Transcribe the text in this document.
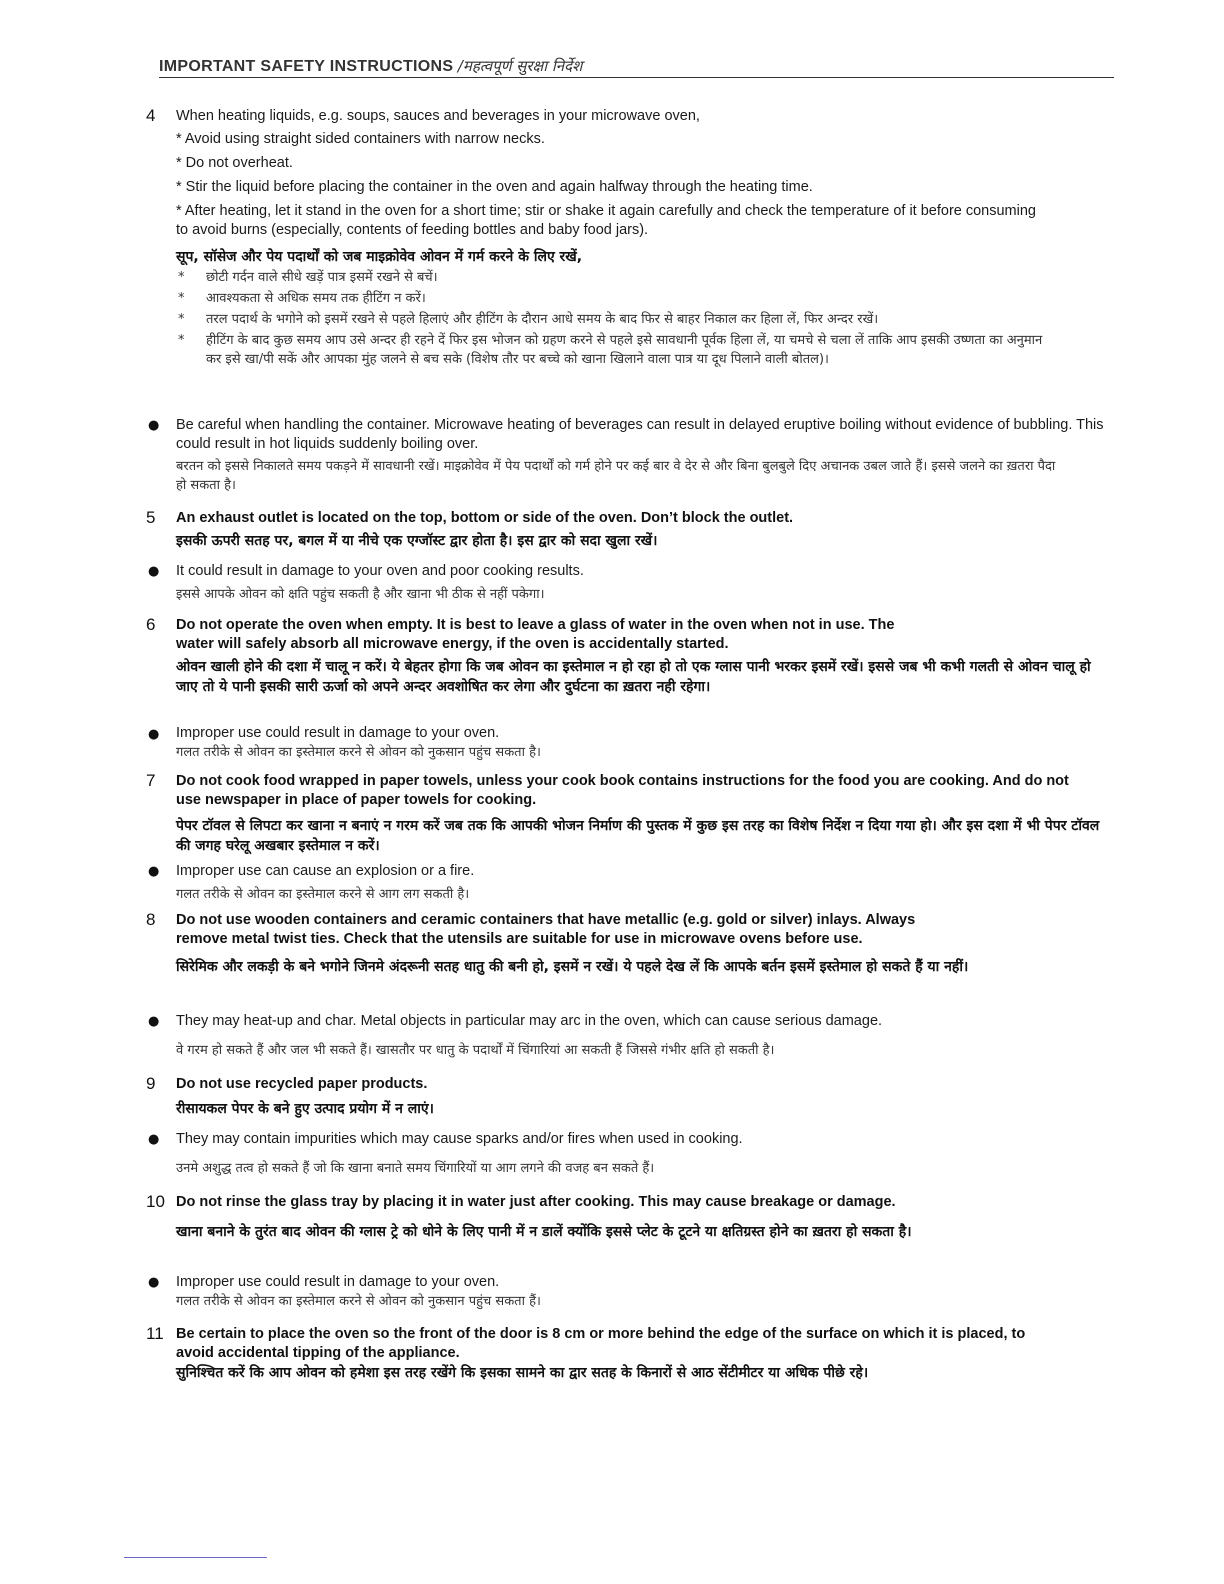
IMPORTANT SAFETY INSTRUCTIONS /महत्वपूर्ण सुरक्षा निर्देश
4 When heating liquids, e.g. soups, sauces and beverages in your microwave oven,
* Avoid using straight sided containers with narrow necks.
* Do not overheat.
* Stir the liquid before placing the container in the oven and again halfway through the heating time.
* After heating, let it stand in the oven for a short time; stir or shake it again carefully and check the temperature of it before consuming to avoid burns (especially, contents of feeding bottles and baby food jars).
सूप, सॉसेज और पेय पदार्थों को जब माइक्रोवेव ओवन में गर्म करने के लिए रखें,
* छोटी गर्दन वाले सीधे खड़ें पात्र इसमें रखने से बचें।
* आवश्यकता से अधिक समय तक हीटिंग न करें।
* तरल पदार्थ के भगोने को इसमें रखने से पहले हिलाएं और हीटिंग के दौरान आधे समय के बाद फिर से बाहर निकाल कर हिला लें, फिर अन्दर रखें।
* हीटिंग के बाद कुछ समय आप उसे अन्दर ही रहने दें फिर इस भोजन को ग्रहण करने से पहले इसे सावधानी पूर्वक हिला लें, या चमचे से चला लें ताकि आप इसकी उष्णता का अनुमान कर इसे खा/पी सकें और आपका मुंह जलने से बच सके (विशेष तौर पर बच्चे को खाना खिलाने वाला पात्र या दूध पिलाने वाली बोतल)।
● Be careful when handling the container. Microwave heating of beverages can result in delayed eruptive boiling without evidence of bubbling. This could result in hot liquids suddenly boiling over.
बरतन को इससे निकालते समय पकड़ने में सावधानी रखें। माइक्रोवेव में पेय पदार्थों को गर्म होने पर कई बार वे देर से और बिना बुलबुले दिए अचानक उबल जाते हैं। इससे जलने का ख़तरा पैदा हो सकता है।
5 An exhaust outlet is located on the top, bottom or side of the oven. Don’t block the outlet.
इसकी ऊपरी सतह पर, बगल में या नीचे एक एग्जॉस्ट द्वार होता है। इस द्वार को सदा खुला रखें।
● It could result in damage to your oven and poor cooking results.
इससे आपके ओवन को क्षति पहुंच सकती है और खाना भी ठीक से नहीं पकेगा।
6 Do not operate the oven when empty. It is best to leave a glass of water in the oven when not in use. The water will safely absorb all microwave energy, if the oven is accidentally started.
ओवन खाली होने की दशा में चालू न करें। ये बेहतर होगा कि जब ओवन का इस्तेमाल न हो रहा हो तो एक ग्लास पानी भरकर इसमें रखें। इससे जब भी कभी गलती से ओवन चालू हो जाए तो ये पानी इसकी सारी ऊर्जा को अपने अन्दर अवशोषित कर लेगा और दुर्घटना का ख़तरा नही रहेगा।
● Improper use could result in damage to your oven.
गलत तरीके से ओवन का इस्तेमाल करने से ओवन को नुकसान पहुंच सकता है।
7 Do not cook food wrapped in paper towels, unless your cook book contains instructions for the food you are cooking. And do not use newspaper in place of paper towels for cooking.
पेपर टॉवल से लिपटा कर खाना न बनाएं न गरम करें जब तक कि आपकी भोजन निर्माण की पुस्तक में कुछ इस तरह का विशेष निर्देश न दिया गया हो। और इस दशा में भी पेपर टॉवल की जगह घरेलू अखबार इस्तेमाल न करें।
● Improper use can cause an explosion or a fire.
गलत तरीके से ओवन का इस्तेमाल करने से आग लग सकती है।
8 Do not use wooden containers and ceramic containers that have metallic (e.g. gold or silver) inlays. Always remove metal twist ties. Check that the utensils are suitable for use in microwave ovens before use.
सिरेमिक और लकड़ी के बने भगोने जिनमे अंदरूनी सतह धातु की बनी हो, इसमें न रखें। ये पहले देख लें कि आपके बर्तन इसमें इस्तेमाल हो सकते हैं या नहीं।
● They may heat-up and char. Metal objects in particular may arc in the oven, which can cause serious damage.
वे गरम हो सकते हैं और जल भी सकते हैं। खासतौर पर धातु के पदार्थों में चिंगारियां आ सकती हैं जिससे गंभीर क्षति हो सकती है।
9 Do not use recycled paper products.
रीसायकल पेपर के बने हुए उत्पाद प्रयोग में न लाएं।
● They may contain impurities which may cause sparks and/or fires when used in cooking.
उनमे अशुद्ध तत्व हो सकते हैं जो कि खाना बनाते समय चिंगारियों या आग लगने की वजह बन सकते हैं।
10 Do not rinse the glass tray by placing it in water just after cooking. This may cause breakage or damage.
खाना बनाने के तुरंत बाद ओवन की ग्लास ट्रे को धोने के लिए पानी में न डालें क्योंकि इससे प्लेट के टूटने या क्षतिग्रस्त होने का ख़तरा हो सकता है।
● Improper use could result in damage to your oven.
गलत तरीके से ओवन का इस्तेमाल करने से ओवन को नुकसान पहुंच सकता हैं।
11 Be certain to place the oven so the front of the door is 8 cm or more behind the edge of the surface on which it is placed, to avoid accidental tipping of the appliance.
सुनिश्चित करें कि आप ओवन को हमेशा इस तरह रखेंगे कि इसका सामने का द्वार सतह के किनारों से आठ सेंटीमीटर या अधिक पीछे रहे।
